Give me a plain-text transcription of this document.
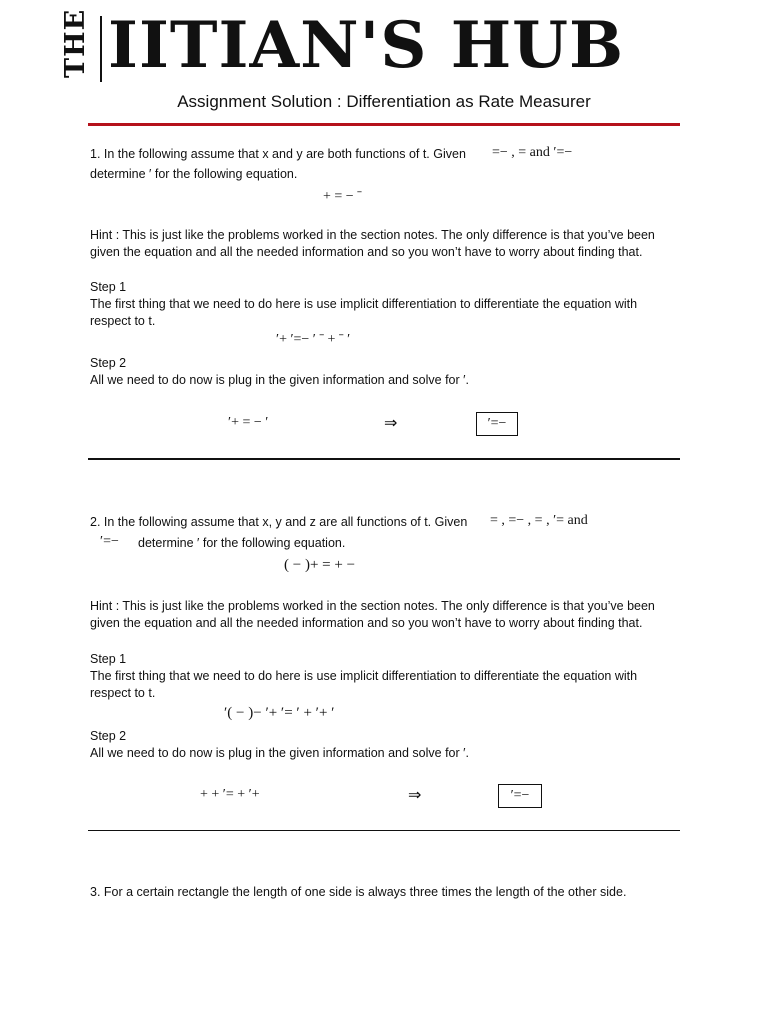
THE IITIAN'S HUB
Assignment Solution : Differentiation as Rate Measurer
1. In the following assume that x and y are both functions of t. Given =− , = and ′=−
determine ′ for the following equation.
+ = − ˉ
Hint : This is just like the problems worked in the section notes. The only difference is that you’ve been
given the equation and all the needed information and so you won’t have to worry about finding that.
Step 1
The first thing that we need to do here is use implicit differentiation to differentiate the equation with
respect to t.
′+ ′=− ′ ˉ + ˉ ′
Step 2
All we need to do now is plug in the given information and solve for ′.
′+ = − ′	⇒	′=−
2. In the following assume that x, y and z are all functions of t. Given = , =− , = , ′= and
′=− determine ′ for the following equation.
( − )+ = + −
Hint : This is just like the problems worked in the section notes. The only difference is that you’ve been
given the equation and all the needed information and so you won’t have to worry about finding that.
Step 1
The first thing that we need to do here is use implicit differentiation to differentiate the equation with
respect to t.
′( − )− ′+ ′= ′ + ′+ ′
Step 2
All we need to do now is plug in the given information and solve for ′.
+ + ′= + ′+	⇒	′=−
3. For a certain rectangle the length of one side is always three times the length of the other side.
